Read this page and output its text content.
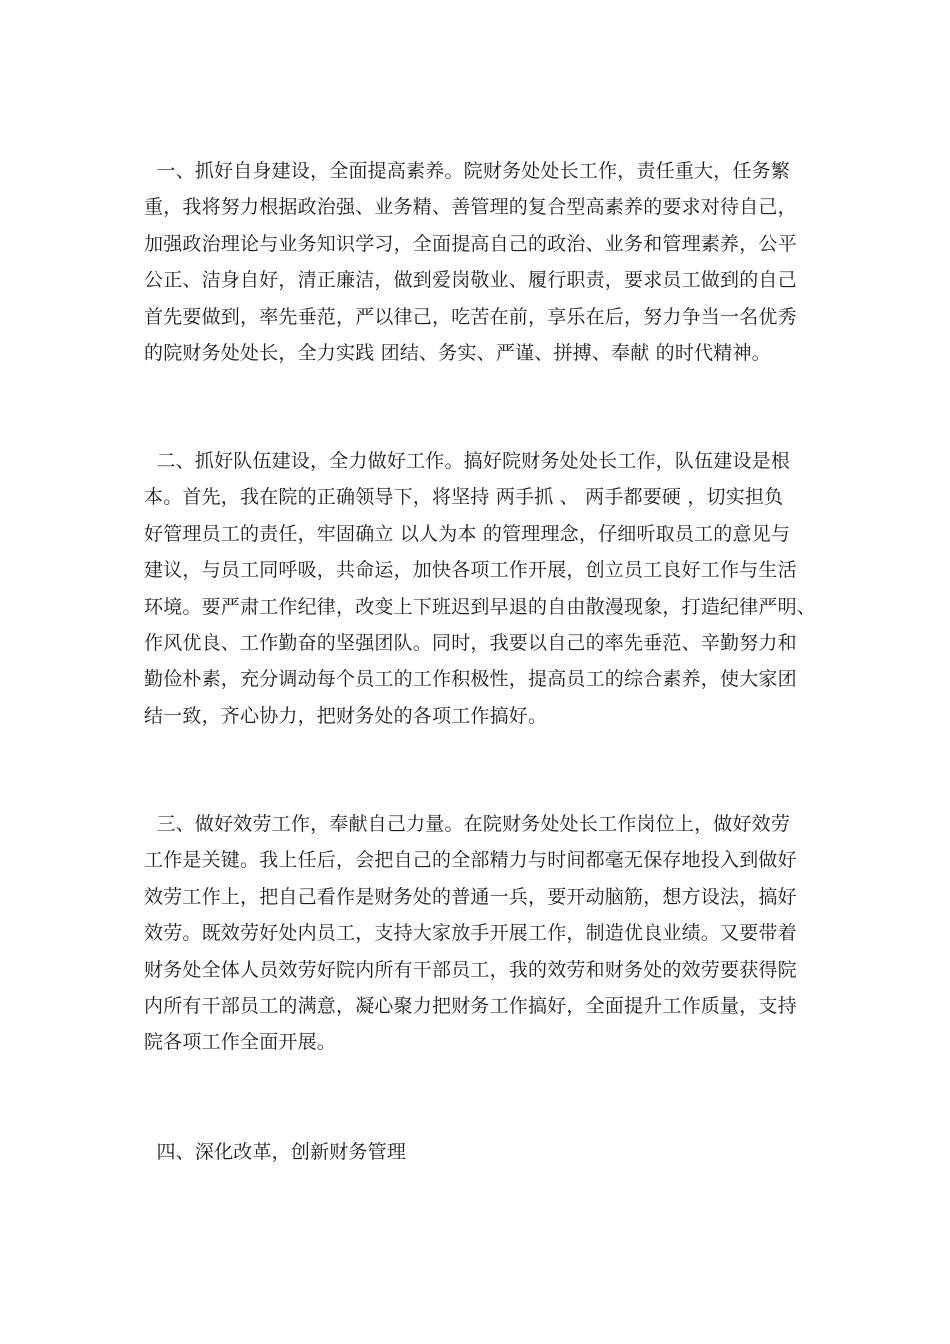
一、抓好自身建设，全面提高素养。院财务处处长工作，责任重大，任务繁
重，我将努力根据政治强、业务精、善管理的复合型高素养的要求对待自己，
加强政治理论与业务知识学习，全面提高自己的政治、业务和管理素养，公平
公正、洁身自好，清正廉洁，做到爱岗敬业、履行职责，要求员工做到的自己
首先要做到，率先垂范，严以律己，吃苦在前，享乐在后，努力争当一名优秀
的院财务处处长，全力实践 团结、务实、严谨、拼搏、奉献 的时代精神。
二、抓好队伍建设，全力做好工作。搞好院财务处处长工作，队伍建设是根
本。首先，我在院的正确领导下，将坚持 两手抓 、 两手都要硬 ，切实担负
好管理员工的责任，牢固确立 以人为本 的管理理念，仔细听取员工的意见与
建议，与员工同呼吸，共命运，加快各项工作开展，创立员工良好工作与生活
环境。要严肃工作纪律，改变上下班迟到早退的自由散漫现象，打造纪律严明、
作风优良、工作勤奋的坚强团队。同时，我要以自己的率先垂范、辛勤努力和
勤俭朴素，充分调动每个员工的工作积极性，提高员工的综合素养，使大家团
结一致，齐心协力，把财务处的各项工作搞好。
三、做好效劳工作，奉献自己力量。在院财务处处长工作岗位上，做好效劳
工作是关键。我上任后，会把自己的全部精力与时间都毫无保存地投入到做好
效劳工作上，把自己看作是财务处的普通一兵，要开动脑筋，想方设法，搞好
效劳。既效劳好处内员工，支持大家放手开展工作，制造优良业绩。又要带着
财务处全体人员效劳好院内所有干部员工，我的效劳和财务处的效劳要获得院
内所有干部员工的满意，凝心聚力把财务工作搞好，全面提升工作质量，支持
院各项工作全面开展。
四、深化改革，创新财务管理
